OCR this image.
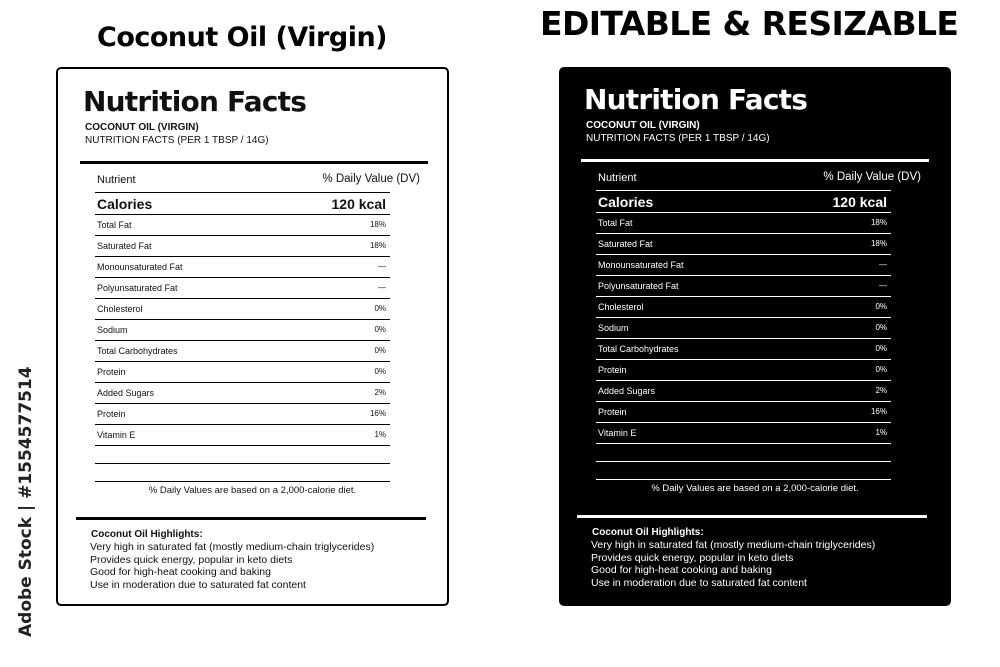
Coconut Oil (Virgin)	EDITABLE & RESIZABLE
Adobe Stock | #1554577514
Nutrition Facts
COCONUT OIL (VIRGIN)
NUTRITION FACTS (PER 1 TBSP / 14G)
Nutrient	% Daily Value (DV)
Calories	120 kcal
Total Fat	18%
Saturated Fat	18%
Monounsaturated Fat	—
Polyunsaturated Fat	—
Cholesterol	0%
Sodium	0%
Total Carbohydrates	0%
Protein	0%
Added Sugars	2%
Protein	16%
Vitamin E	1%
% Daily Values are based on a 2,000-calorie diet.
Coconut Oil Highlights:
Very high in saturated fat (mostly medium-chain triglycerides)
Provides quick energy, popular in keto diets
Good for high-heat cooking and baking
Use in moderation due to saturated fat content
Nutrition Facts
COCONUT OIL (VIRGIN)
NUTRITION FACTS (PER 1 TBSP / 14G)
Nutrient	% Daily Value (DV)
Calories	120 kcal
Total Fat	18%
Saturated Fat	18%
Monounsaturated Fat	—
Polyunsaturated Fat	—
Cholesterol	0%
Sodium	0%
Total Carbohydrates	0%
Protein	0%
Added Sugars	2%
Protein	16%
Vitamin E	1%
% Daily Values are based on a 2,000-calorie diet.
Coconut Oil Highlights:
Very high in saturated fat (mostly medium-chain triglycerides)
Provides quick energy, popular in keto diets
Good for high-heat cooking and baking
Use in moderation due to saturated fat content
